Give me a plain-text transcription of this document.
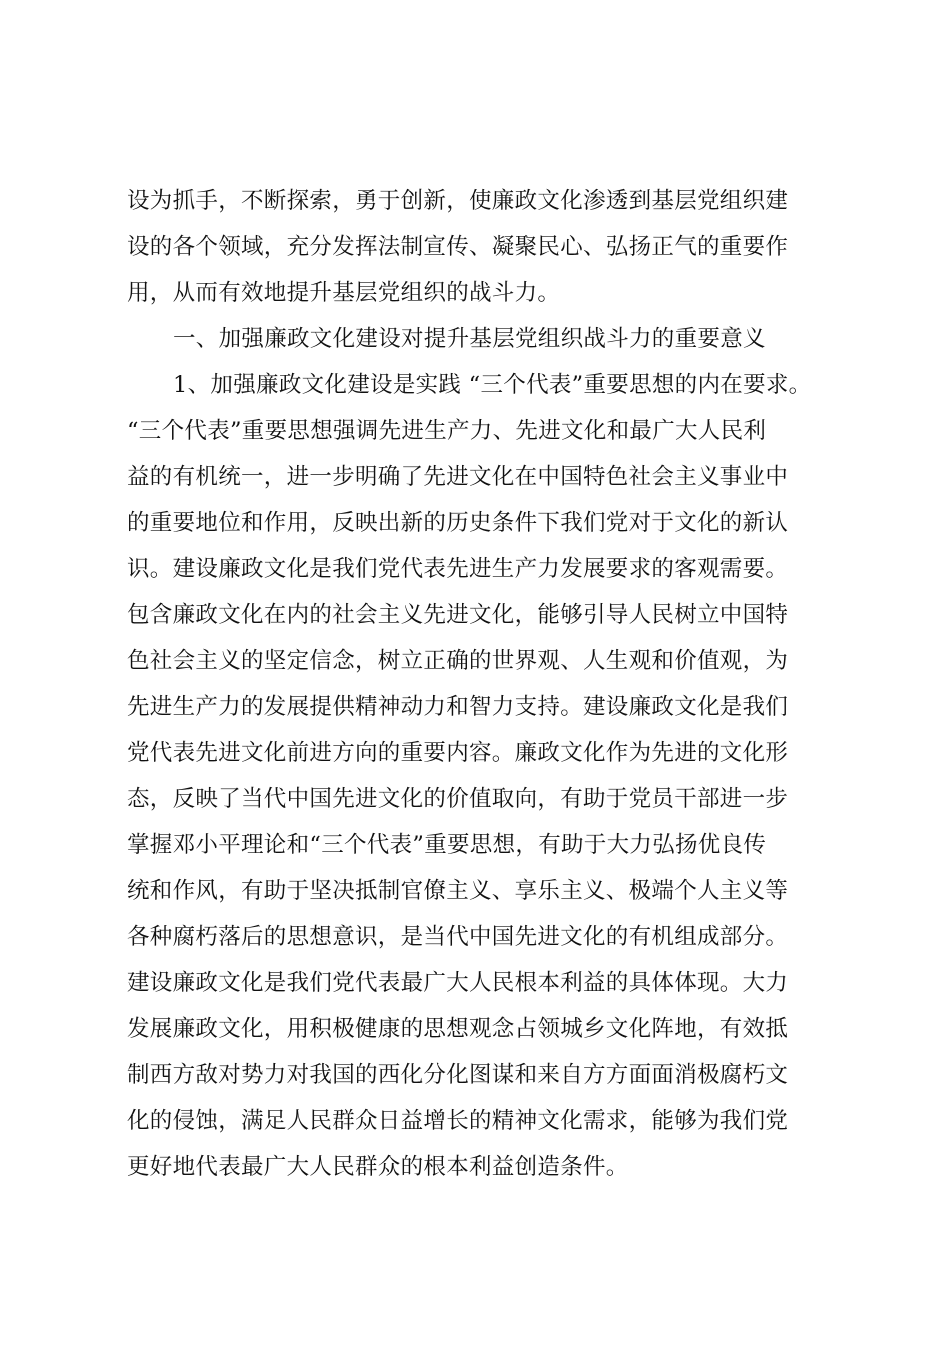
设为抓手，不断探索，勇于创新，使廉政文化渗透到基层党组织建
设的各个领域，充分发挥法制宣传、凝聚民心、弘扬正气的重要作
用，从而有效地提升基层党组织的战斗力。
一、加强廉政文化建设对提升基层党组织战斗力的重要意义
1、加强廉政文化建设是实践 “三个代表”重要思想的内在要求。
“三个代表”重要思想强调先进生产力、先进文化和最广大人民利
益的有机统一，进一步明确了先进文化在中国特色社会主义事业中
的重要地位和作用，反映出新的历史条件下我们党对于文化的新认
识。建设廉政文化是我们党代表先进生产力发展要求的客观需要。
包含廉政文化在内的社会主义先进文化，能够引导人民树立中国特
色社会主义的坚定信念，树立正确的世界观、人生观和价值观，为
先进生产力的发展提供精神动力和智力支持。建设廉政文化是我们
党代表先进文化前进方向的重要内容。廉政文化作为先进的文化形
态，反映了当代中国先进文化的价值取向，有助于党员干部进一步
掌握邓小平理论和“三个代表”重要思想，有助于大力弘扬优良传
统和作风，有助于坚决抵制官僚主义、享乐主义、极端个人主义等
各种腐朽落后的思想意识，是当代中国先进文化的有机组成部分。
建设廉政文化是我们党代表最广大人民根本利益的具体体现。大力
发展廉政文化，用积极健康的思想观念占领城乡文化阵地，有效抵
制西方敌对势力对我国的西化分化图谋和来自方方面面消极腐朽文
化的侵蚀，满足人民群众日益增长的精神文化需求，能够为我们党
更好地代表最广大人民群众的根本利益创造条件。
